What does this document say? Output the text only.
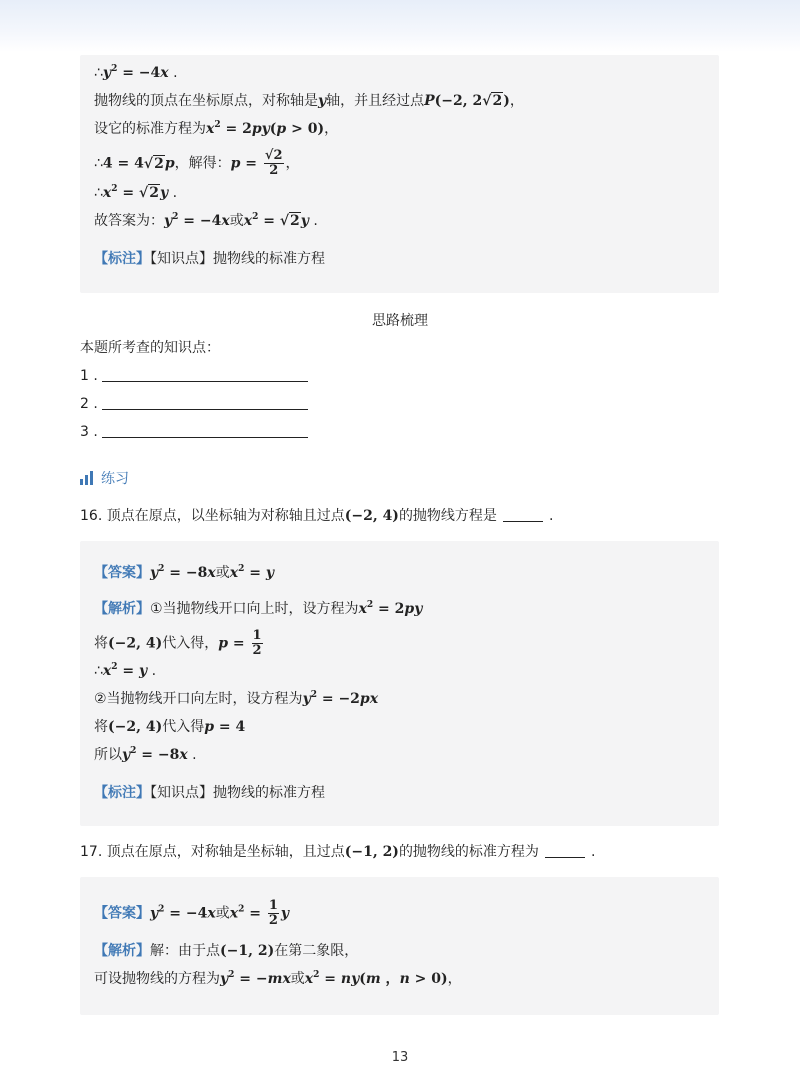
$\therefore y^2 = -4x$ .
抛物线的顶点在坐标原点，对称轴是y轴，并且经过点P(−2, 2√2)，
设它的标准方程为$x^2 = 2py(p > 0)$，
∴4 = 4√2p，解得：$p = \frac{√2}{2}$ ，
$\therefore x^2 = √2y$ .
故答案为：$y^2 = -4x$或$x^2 = √2y$ .
【标注】【知识点】抛物线的标准方程
思路梳理
本题所考查的知识点：
1 .
2 .
3 .
练习
16. 顶点在原点，以坐标轴为对称轴且过点(−2, 4)的抛物线方程是	.
【答案】$y^2 = -8x$或$x^2 = y$
【解析】①当抛物线开口向上时，设方程为$x^2 = 2py$
将(−2, 4)代入得，$p = \frac{1}{2}$
$\therefore x^2 = y$ .
②当抛物线开口向左时，设方程为$y^2 = -2px$
将(−2, 4)代入得p = 4
所以$y^2 = -8x$ .
【标注】【知识点】抛物线的标准方程
17. 顶点在原点，对称轴是坐标轴，且过点(−1, 2)的抛物线的标准方程为	.
【答案】$y^2 = -4x$或$x^2 = \frac{1}{2}$ y
【解析】解：由于点(−1, 2)在第二象限，
可设抛物线的方程为$y^2 = -mx$或$x^2 = ny(m$ ，n > 0)，
13
